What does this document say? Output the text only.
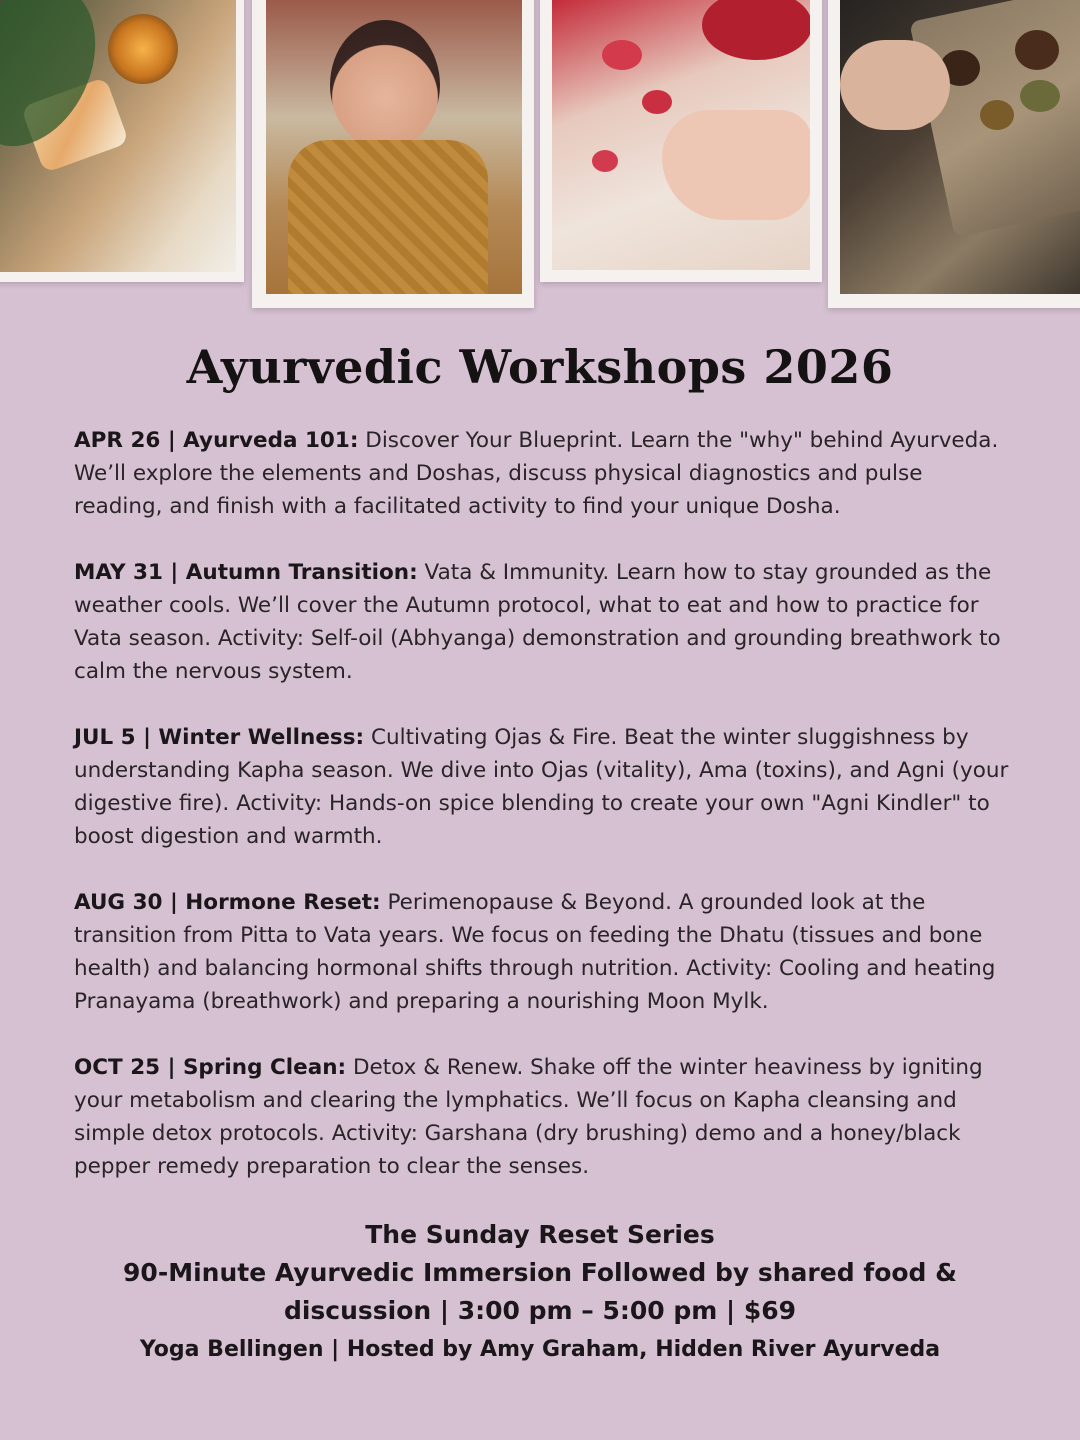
Ayurvedic Workshops 2026

APR 26 | Ayurveda 101: Discover Your Blueprint. Learn the "why" behind Ayurveda. We’ll explore the elements and Doshas, discuss physical diagnostics and pulse reading, and finish with a facilitated activity to find your unique Dosha.

MAY 31 | Autumn Transition: Vata & Immunity. Learn how to stay grounded as the weather cools. We’ll cover the Autumn protocol, what to eat and how to practice for Vata season. Activity: Self-oil (Abhyanga) demonstration and grounding breathwork to calm the nervous system.

JUL 5 | Winter Wellness: Cultivating Ojas & Fire. Beat the winter sluggishness by understanding Kapha season. We dive into Ojas (vitality), Ama (toxins), and Agni (your digestive fire). Activity: Hands-on spice blending to create your own "Agni Kindler" to boost digestion and warmth.

AUG 30 | Hormone Reset: Perimenopause & Beyond. A grounded look at the transition from Pitta to Vata years. We focus on feeding the Dhatu (tissues and bone health) and balancing hormonal shifts through nutrition. Activity: Cooling and heating Pranayama (breathwork) and preparing a nourishing Moon Mylk.

OCT 25 | Spring Clean: Detox & Renew. Shake off the winter heaviness by igniting your metabolism and clearing the lymphatics. We’ll focus on Kapha cleansing and simple detox protocols. Activity: Garshana (dry brushing) demo and a honey/black pepper remedy preparation to clear the senses.

The Sunday Reset Series
90-Minute Ayurvedic Immersion Followed by shared food & discussion | 3:00 pm – 5:00 pm | $69
Yoga Bellingen | Hosted by Amy Graham, Hidden River Ayurveda
